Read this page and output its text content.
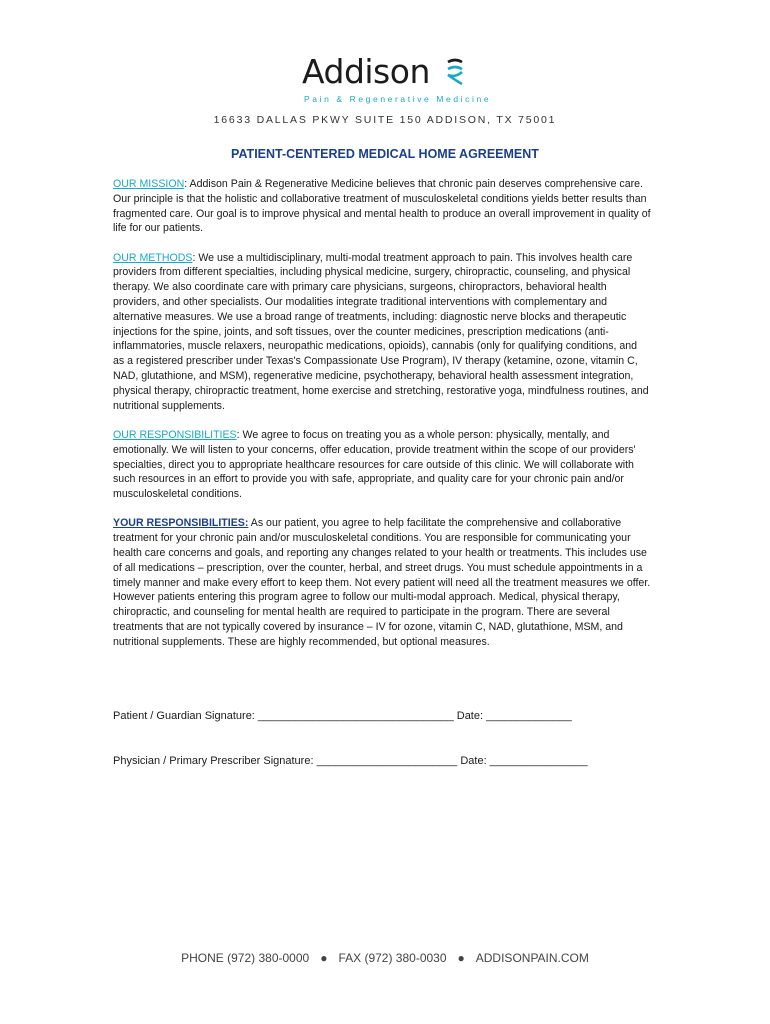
Addison
Pain & Regenerative Medicine
16633 DALLAS PKWY SUITE 150 ADDISON, TX 75001
PATIENT-CENTERED MEDICAL HOME AGREEMENT

OUR MISSION: Addison Pain & Regenerative Medicine believes that chronic pain deserves comprehensive care. Our principle is that the holistic and collaborative treatment of musculoskeletal conditions yields better results than fragmented care. Our goal is to improve physical and mental health to produce an overall improvement in quality of life for our patients.

OUR METHODS: We use a multidisciplinary, multi-modal treatment approach to pain. This involves health care providers from different specialties, including physical medicine, surgery, chiropractic, counseling, and physical therapy. We also coordinate care with primary care physicians, surgeons, chiropractors, behavioral health providers, and other specialists. Our modalities integrate traditional interventions with complementary and alternative measures. We use a broad range of treatments, including: diagnostic nerve blocks and therapeutic injections for the spine, joints, and soft tissues, over the counter medicines, prescription medications (anti-inflammatories, muscle relaxers, neuropathic medications, opioids), cannabis (only for qualifying conditions, and as a registered prescriber under Texas's Compassionate Use Program), IV therapy (ketamine, ozone, vitamin C, NAD, glutathione, and MSM), regenerative medicine, psychotherapy, behavioral health assessment integration, physical therapy, chiropractic treatment, home exercise and stretching, restorative yoga, mindfulness routines, and nutritional supplements.

OUR RESPONSIBILITIES: We agree to focus on treating you as a whole person: physically, mentally, and emotionally. We will listen to your concerns, offer education, provide treatment within the scope of our providers' specialties, direct you to appropriate healthcare resources for care outside of this clinic. We will collaborate with such resources in an effort to provide you with safe, appropriate, and quality care for your chronic pain and/or musculoskeletal conditions.

YOUR RESPONSIBILITIES: As our patient, you agree to help facilitate the comprehensive and collaborative treatment for your chronic pain and/or musculoskeletal conditions. You are responsible for communicating your health care concerns and goals, and reporting any changes related to your health or treatments. This includes use of all medications – prescription, over the counter, herbal, and street drugs. You must schedule appointments in a timely manner and make every effort to keep them. Not every patient will need all the treatment measures we offer. However patients entering this program agree to follow our multi-modal approach. Medical, physical therapy, chiropractic, and counseling for mental health are required to participate in the program. There are several treatments that are not typically covered by insurance – IV for ozone, vitamin C, NAD, glutathione, MSM, and nutritional supplements. These are highly recommended, but optional measures.

Patient / Guardian Signature: ________________________________ Date: ______________
Physician / Primary Prescriber Signature: _______________________ Date: ________________
PHONE (972) 380-0000 ● FAX (972) 380-0030 ● ADDISONPAIN.COM
